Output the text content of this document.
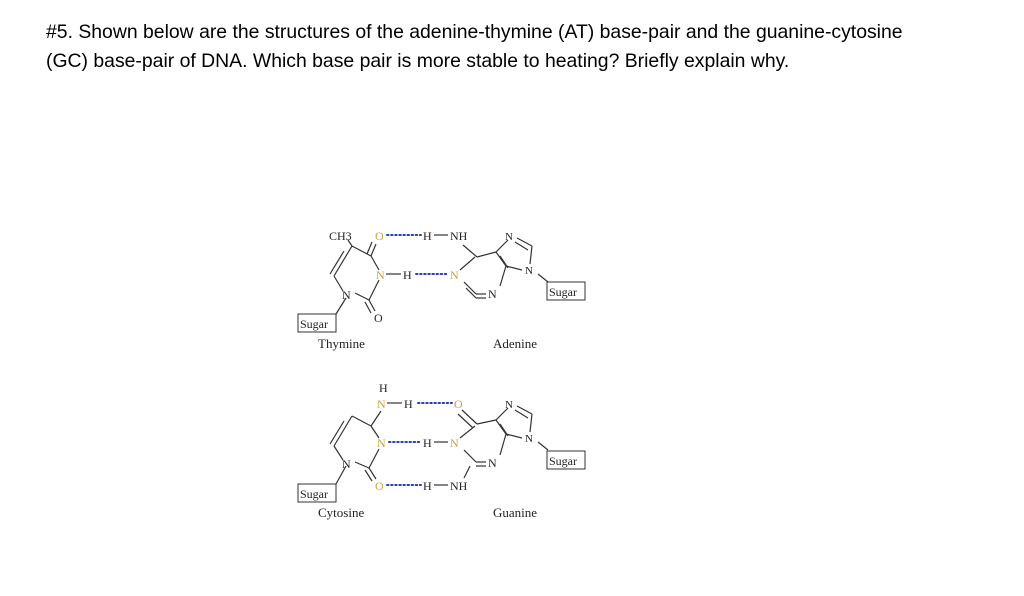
#5. Shown below are the structures of the adenine-thymine (AT) base-pair and the guanine-cytosine (GC) base-pair of DNA. Which base pair is more stable to heating? Briefly explain why.

CH3 O	H NH
N H	N
N
O
N
N
N
Sugar
Sugar
Thymine	Adenine
H
N H	O
N	H N
N
O	H NH
N
N
N
Sugar
Sugar
Cytosine	Guanine
